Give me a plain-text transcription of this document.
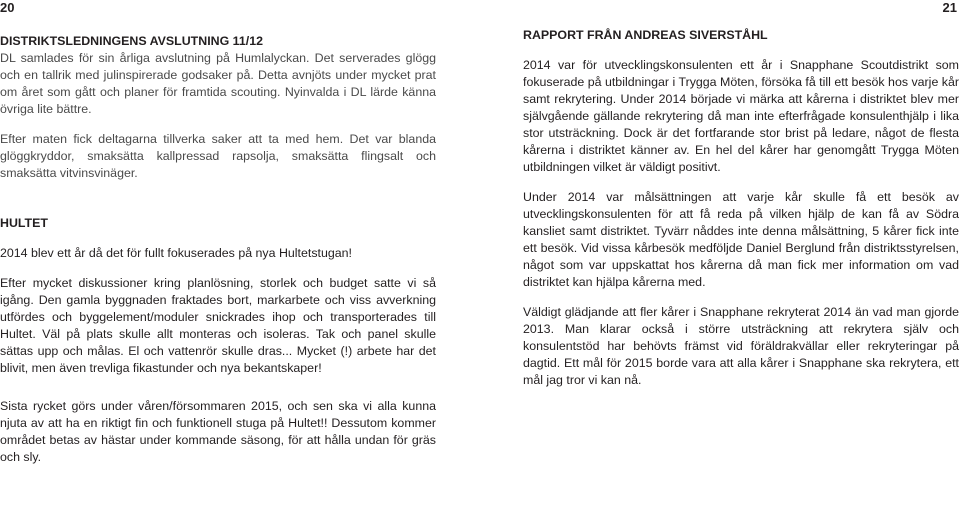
20	21

DISTRIKTSLEDNINGENS AVSLUTNING 11/12

DL samlades för sin årliga avslutning på Humlalyckan. Det serverades glögg och en tallrik med julinspirerade godsaker på. Detta avnjöts under mycket prat om året som gått och planer för framtida scouting. Nyinvalda i DL lärde känna övriga lite bättre.

Efter maten fick deltagarna tillverka saker att ta med hem. Det var blanda glöggkryddor, smaksätta kallpressad rapsolja, smaksätta flingsalt och smaksätta vitvinsvinäger.

HULTET

2014 blev ett år då det för fullt fokuserades på nya Hultetstugan!

Efter mycket diskussioner kring planlösning, storlek och budget satte vi så igång. Den gamla byggnaden fraktades bort, markarbete och viss avverkning utfördes och byggelement/moduler snickrades ihop och transporterades till Hultet. Väl på plats skulle allt monteras och isoleras. Tak och panel skulle sättas upp och målas. El och vattenrör skulle dras... Mycket (!) arbete har det blivit, men även trevliga fikastunder och nya bekantskaper!

Sista rycket görs under våren/försommaren 2015, och sen ska vi alla kunna njuta av att ha en riktigt fin och funktionell stuga på Hultet!! Dessutom kommer området betas av hästar under kommande säsong, för att hålla undan för gräs och sly.

RAPPORT FRÅN ANDREAS SIVERSTÅHL

2014 var för utvecklingskonsulenten ett år i Snapphane Scoutdistrikt som fokuserade på utbildningar i Trygga Möten, försöka få till ett besök hos varje kår samt rekrytering. Under 2014 började vi märka att kårerna i distriktet blev mer självgående gällande rekrytering då man inte efterfrågade konsulenthjälp i lika stor utsträckning. Dock är det fortfarande stor brist på ledare, något de flesta kårerna i distriktet känner av. En hel del kårer har genomgått Trygga Möten utbildningen vilket är väldigt positivt.

Under 2014 var målsättningen att varje kår skulle få ett besök av utvecklingskonsulenten för att få reda på vilken hjälp de kan få av Södra kansliet samt distriktet. Tyvärr nåddes inte denna målsättning, 5 kårer fick inte ett besök. Vid vissa kårbesök medföljde Daniel Berglund från distriktsstyrelsen, något som var uppskattat hos kårerna då man fick mer information om vad distriktet kan hjälpa kårerna med.

Väldigt glädjande att fler kårer i Snapphane rekryterat 2014 än vad man gjorde 2013. Man klarar också i större utsträckning att rekrytera själv och konsulentstöd har behövts främst vid föräldrakvällar eller rekryteringar på dagtid. Ett mål för 2015 borde vara att alla kårer i Snapphane ska rekrytera, ett mål jag tror vi kan nå.
